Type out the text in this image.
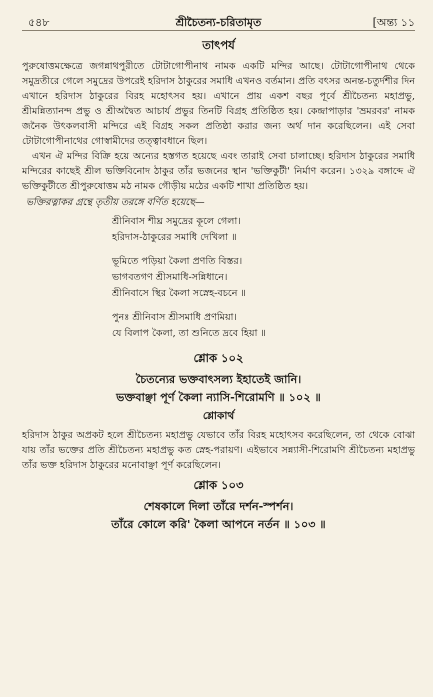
৫৪৮	শ্রীচৈতন্য-চরিতামৃত	[অন্ত্য ১১
তাৎপর্য

পুরুষোত্তমক্ষেত্রে জগন্নাথপুরীতে টোটাগোপীনাথ নামক একটি মন্দির আছে। টোটাগোপীনাথ থেকে সমুদ্রতীরে গেলে সমুদ্রের উপরেই হরিদাস ঠাকুরের সমাধি এখনও বর্তমান। প্রতি বৎসর অনন্ত-চতুর্দশীর দিন এখানে হরিদাস ঠাকুরের বিরহ মহোৎসব হয়। এখানে প্রায় একশ বছর পূর্বে শ্রীচৈতন্য মহাপ্রভু, শ্রীমন্নিত্যানন্দ প্রভু ও শ্রীঅদ্বৈত আচার্য প্রভুর তিনটি বিগ্রহ প্রতিষ্ঠিত হয়। কেন্দ্রাপাড়ার 'ভ্রমরবর' নামক জনৈক উৎকলবাসী মন্দিরে এই বিগ্রহ সকল প্রতিষ্ঠা করার জন্য অর্থ দান করেছিলেন। এই সেবা টোটাগোপীনাথের গোস্বামীদের তত্ত্বাবধানে ছিল।

এখন ঐ মন্দির বিক্রি হয়ে অন্যের হস্তগত হয়েছে এবং তারাই সেবা চালাচ্ছে। হরিদাস ঠাকুরের সমাধি মন্দিরের কাছেই শ্রীল ভক্তিবিনোদ ঠাকুর তাঁর ভজনের স্থান 'ভক্তিকুটী' নির্মাণ করেন। ১৩২৯ বঙ্গাব্দে ঐ ভক্তিকুটীতে শ্রীপুরুষোত্তম মঠ নামক গৌড়ীয় মঠের একটি শাখা প্রতিষ্ঠিত হয়।

ভক্তিরত্নাকর গ্রন্থে তৃতীয় তরঙ্গে বর্ণিত হয়েছে—

শ্রীনিবাস শীঘ্র সমুদ্রের কূলে গেলা।
হরিদাস-ঠাকুরের সমাধি দেখিলা ॥
ভূমিতে পড়িয়া কৈলা প্রণতি বিস্তর।
ভাগবতগণ শ্রীসমাধি-সন্নিধানে।
শ্রীনিবাসে স্থির কৈলা সস্নেহ-বচনে ॥
পুনঃ শ্রীনিবাস শ্রীসমাধি প্রণমিয়া।
যে বিলাপ কৈলা, তা শুনিতে দ্রবে হিয়া ॥
শ্লোক ১০২
চৈতন্যের ভক্তবাৎসল্য ইহাতেই জানি।
ভক্তবাঞ্ছা পূর্ণ কৈলা ন্যাসি-শিরোমণি ॥ ১০২ ॥
শ্লোকার্থ

হরিদাস ঠাকুর অপ্রকট হলে শ্রীচৈতন্য মহাপ্রভু যেভাবে তাঁর বিরহ মহোৎসব করেছিলেন, তা থেকে বোঝা যায় তাঁর ভক্তের প্রতি শ্রীচৈতন্য মহাপ্রভু কত স্নেহ-পরায়ণ। এইভাবে সন্ন্যাসী-শিরোমণি শ্রীচৈতন্য মহাপ্রভু তাঁর ভক্ত হরিদাস ঠাকুরের মনোবাঞ্ছা পূর্ণ করেছিলেন।

শ্লোক ১০৩
শেষকালে দিলা তাঁরে দর্শন-স্পর্শন।
তাঁরে কোলে করি' কৈলা আপনে নর্তন ॥ ১০৩ ॥
